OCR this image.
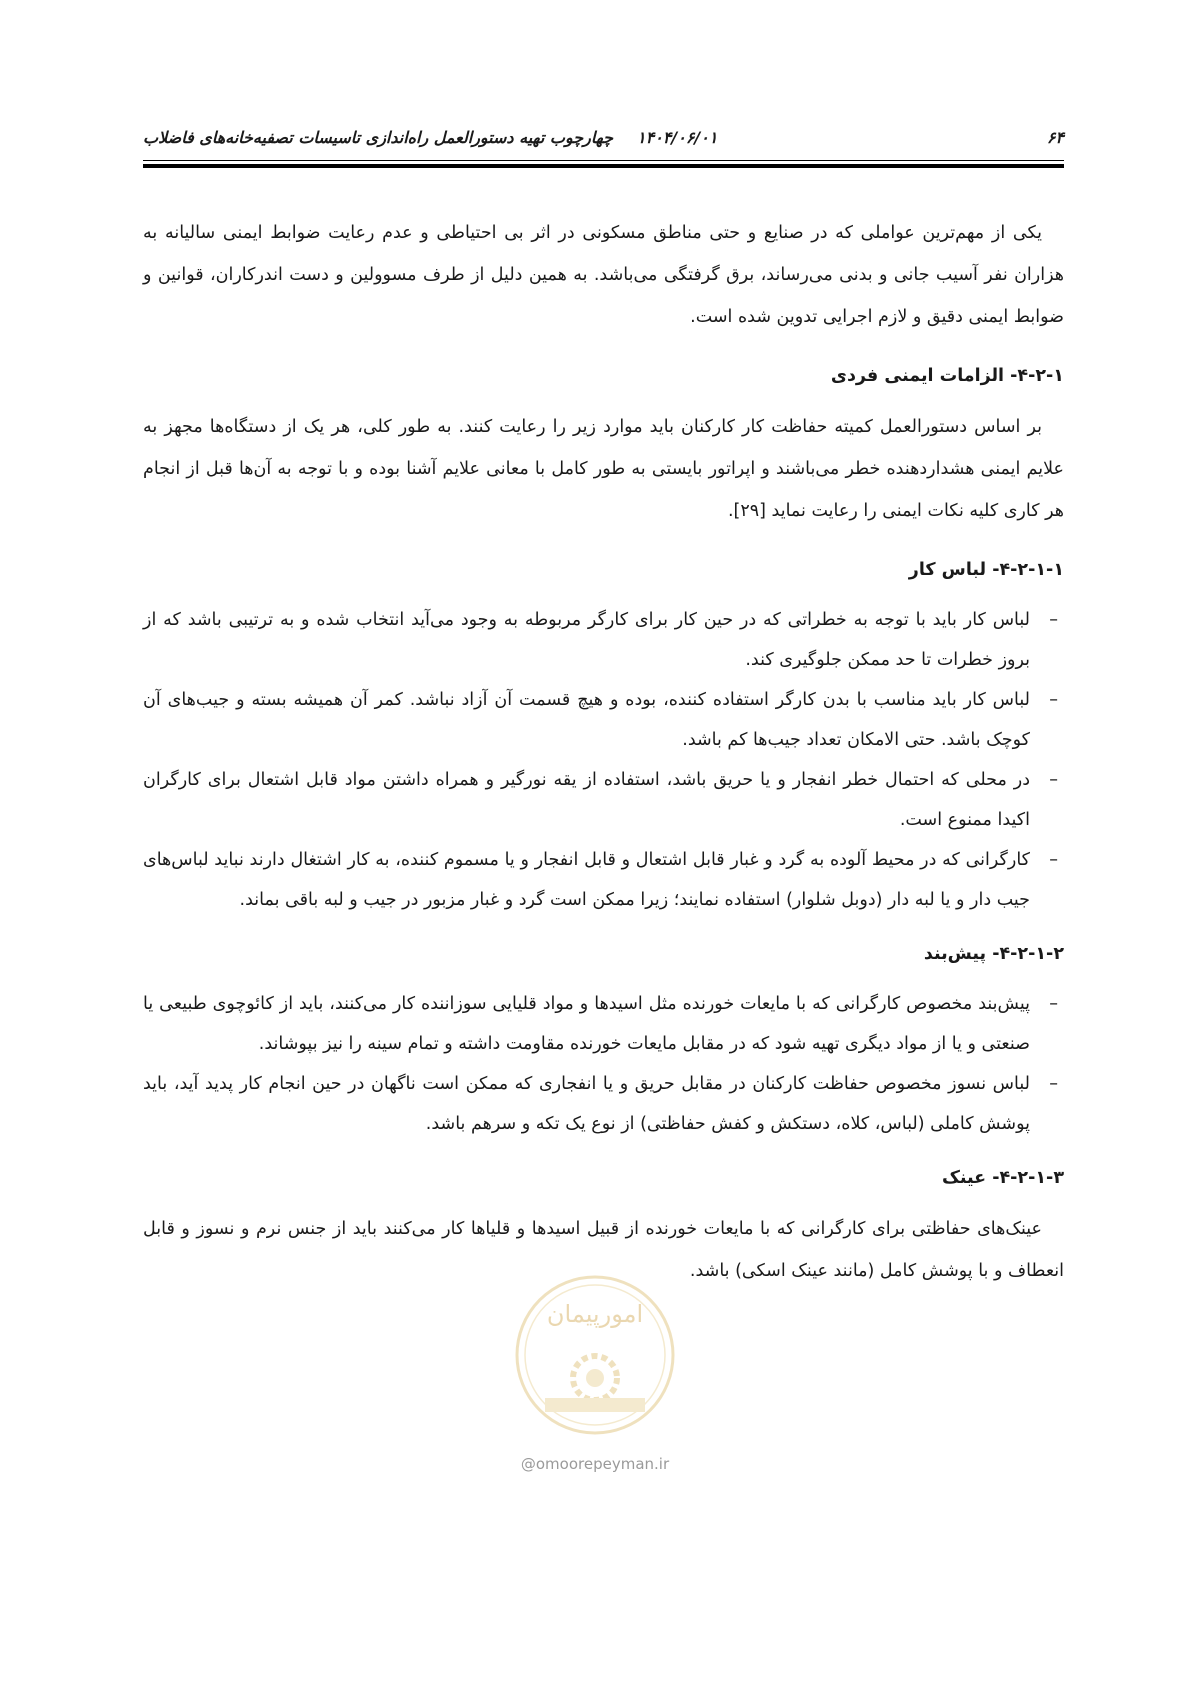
۶۴
۱۴۰۴/۰۶/۰۱
چهارچوب تهیه دستورالعمل راه‌اندازی تاسیسات تصفیه‌خانه‌های فاضلاب

یکی از مهم‌ترین عواملی که در صنایع و حتی مناطق مسکونی در اثر بی احتیاطی و عدم رعایت ضوابط ایمنی سالیانه به هزاران نفر آسیب جانی و بدنی می‌رساند، برق گرفتگی می‌باشد. به همین دلیل از طرف مسوولین و دست اندرکاران، قوانین و ضوابط ایمنی دقیق و لازم اجرایی تدوین شده است.

۴-۲-۱- الزامات ایمنی فردی

بر اساس دستورالعمل کمیته حفاظت کار کارکنان باید موارد زیر را رعایت کنند. به طور کلی، هر یک از دستگاه‌ها مجهز به علایم ایمنی هشداردهنده خطر می‌باشند و اپراتور بایستی به طور کامل با معانی علایم آشنا بوده و با توجه به آن‌ها قبل از انجام هر کاری کلیه نکات ایمنی را رعایت نماید [۲۹].

۴-۲-۱-۱- لباس کار
–
لباس کار باید با توجه به خطراتی که در حین کار برای کارگر مربوطه به وجود می‌آید انتخاب شده و به ترتیبی باشد که از بروز خطرات تا حد ممکن جلوگیری کند.
–
لباس کار باید مناسب با بدن کارگر استفاده کننده، بوده و هیچ قسمت آن آزاد نباشد. کمر آن همیشه بسته و جیب‌های آن کوچک باشد. حتی الامکان تعداد جیب‌ها کم باشد.
–
در محلی که احتمال خطر انفجار و یا حریق باشد، استفاده از یقه نورگیر و همراه داشتن مواد قابل اشتعال برای کارگران اکیدا ممنوع است.
–
کارگرانی که در محیط آلوده به گرد و غبار قابل اشتعال و قابل انفجار و یا مسموم کننده، به کار اشتغال دارند نباید لباس‌های جیب دار و یا لبه دار (دوبل شلوار) استفاده نمایند؛ زیرا ممکن است گرد و غبار مزبور در جیب و لبه باقی بماند.
۴-۲-۱-۲- پیش‌بند
–
پیش‌بند مخصوص کارگرانی که با مایعات خورنده مثل اسیدها و مواد قلیایی سوزاننده کار می‌کنند، باید از کائوچوی طبیعی یا صنعتی و یا از مواد دیگری تهیه شود که در مقابل مایعات خورنده مقاومت داشته و تمام سینه را نیز بپوشاند.
–
لباس نسوز مخصوص حفاظت کارکنان در مقابل حریق و یا انفجاری که ممکن است ناگهان در حین انجام کار پدید آید، باید پوشش کاملی (لباس، کلاه، دستکش و کفش حفاظتی) از نوع یک تکه و سرهم باشد.
۴-۲-۱-۳- عینک

عینک‌های حفاظتی برای کارگرانی که با مایعات خورنده از قبیل اسیدها و قلیاها کار می‌کنند باید از جنس نرم و نسوز و قابل انعطاف و با پوشش کامل (مانند عینک اسکی) باشد.

امورپیمان
@omoorepeyman.ir
